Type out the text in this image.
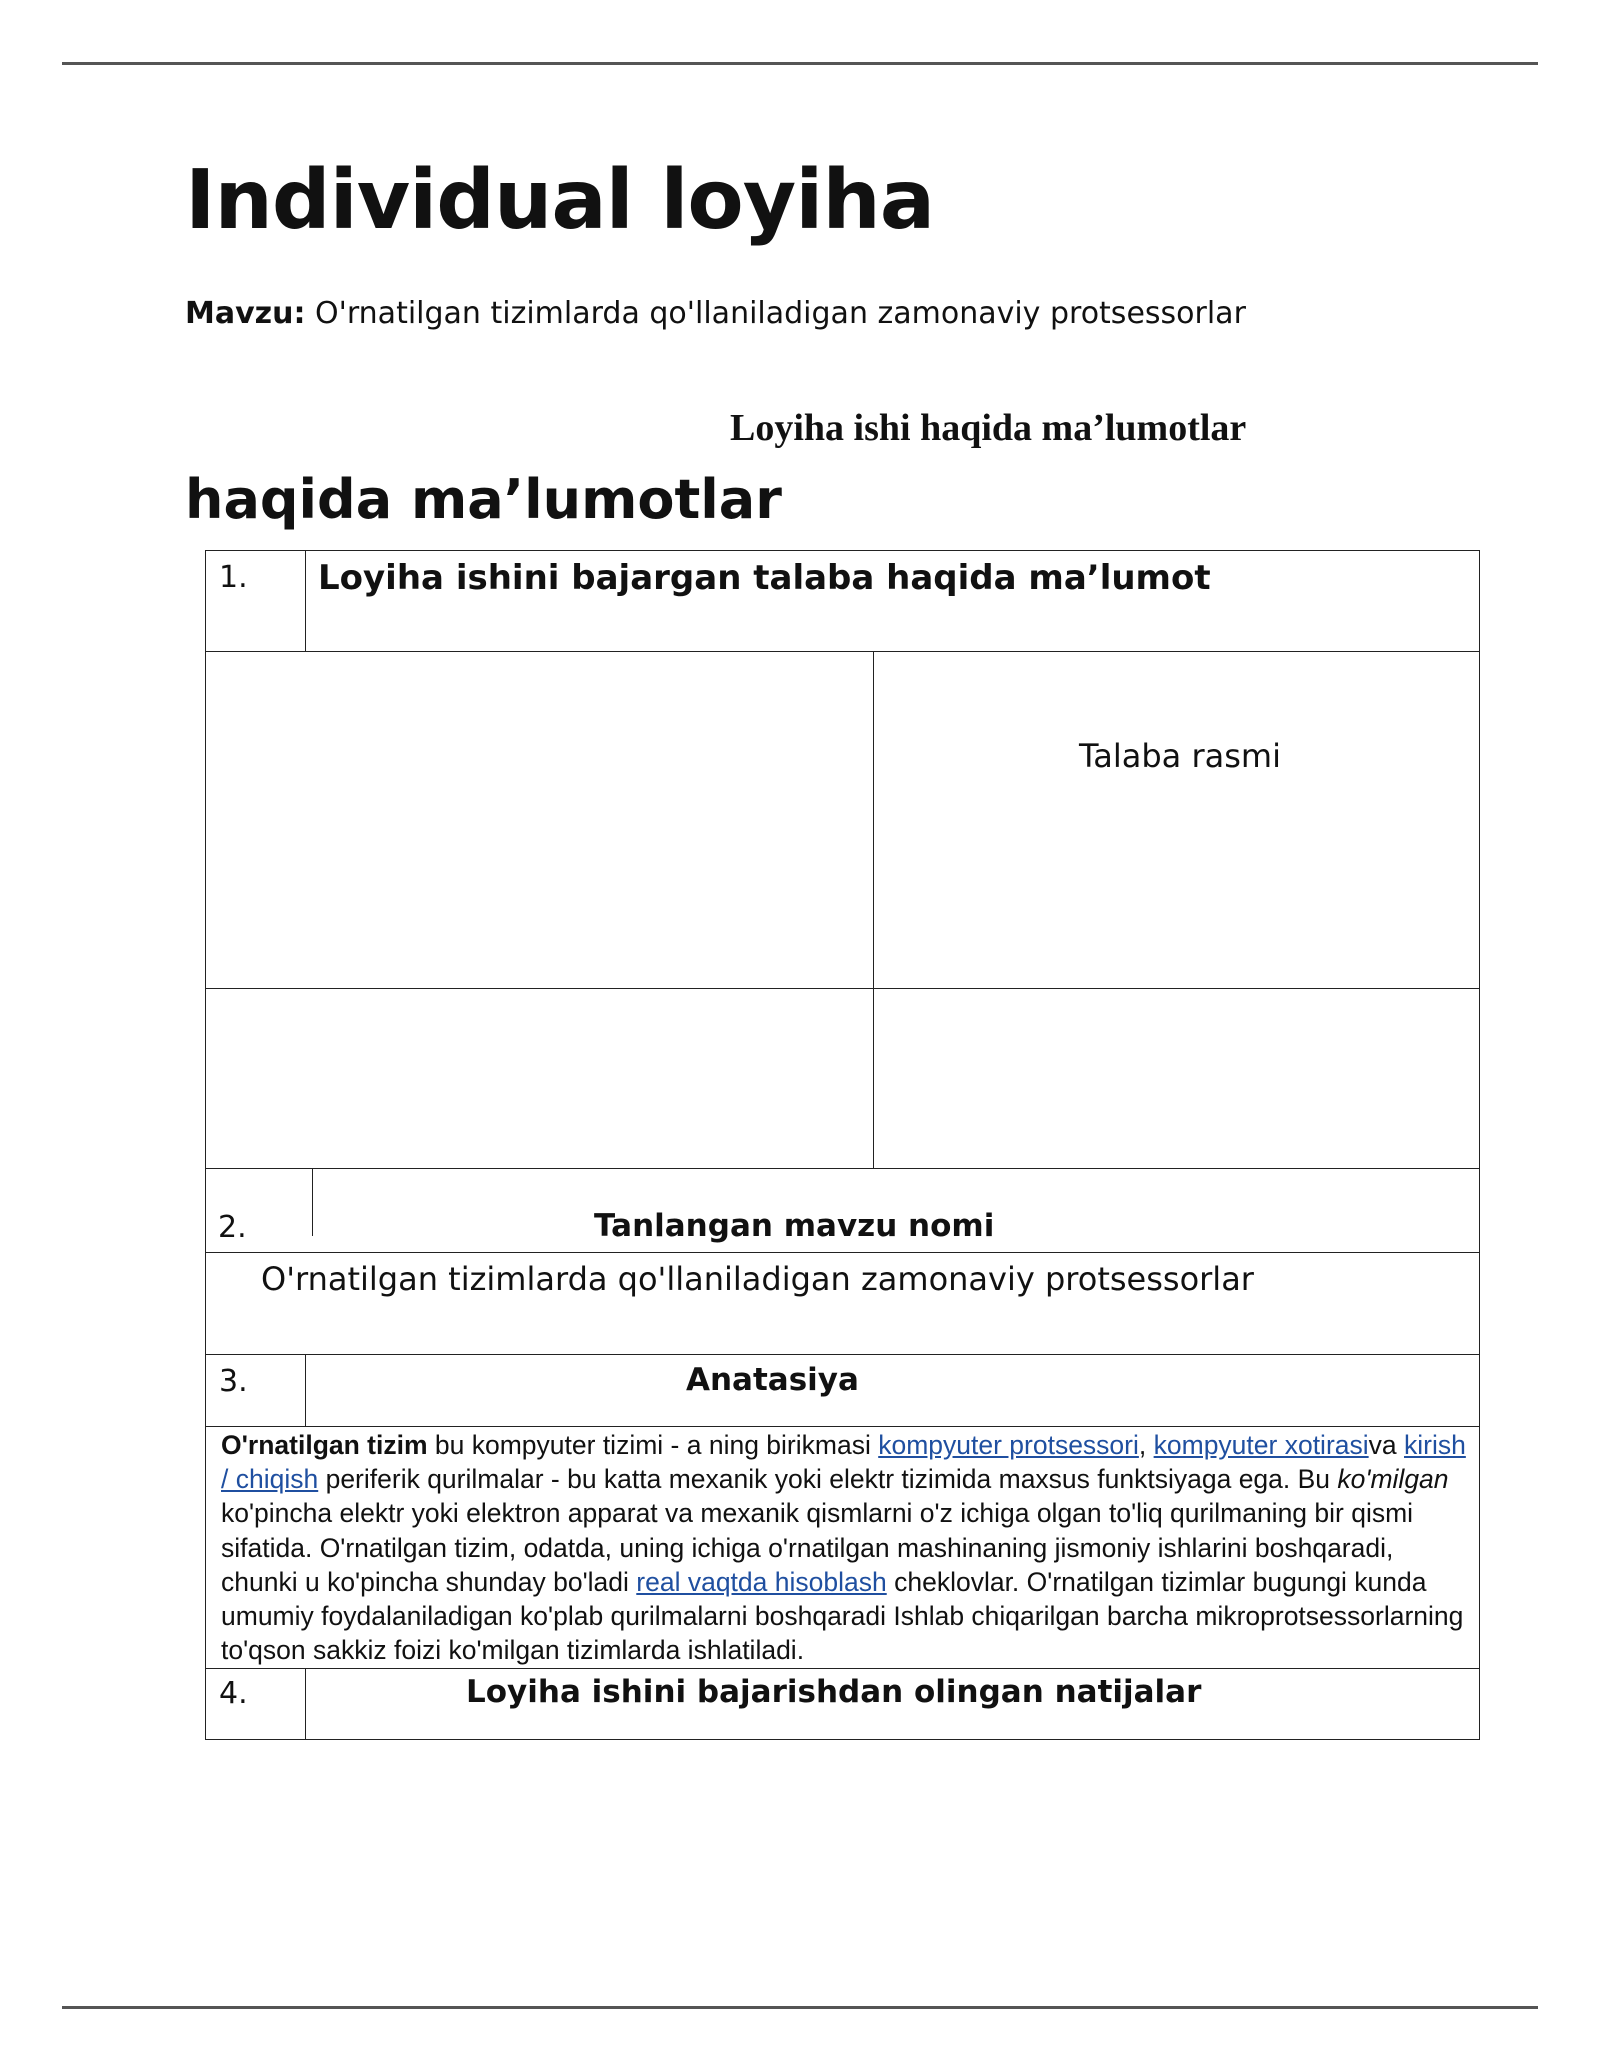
Individual loyiha
Mavzu: O'rnatilgan tizimlarda qo'llaniladigan zamonaviy protsessorlar
Loyiha ishi haqida ma’lumotlar
haqida ma’lumotlar
1. Loyiha ishini bajargan talaba haqida ma’lumot
Talaba rasmi
2.	Tanlangan mavzu nomi
O'rnatilgan tizimlarda qo'llaniladigan zamonaviy protsessorlar
3.	Anatasiya
O'rnatilgan tizim bu kompyuter tizimi - a ning birikmasi kompyuter protsessori, kompyuter xotirasiva kirish / chiqish periferik qurilmalar - bu katta mexanik yoki elektr tizimida maxsus funktsiyaga ega. Bu ko'milgan ko'pincha elektr yoki elektron apparat va mexanik qismlarni o'z ichiga olgan to'liq qurilmaning bir qismi sifatida. O'rnatilgan tizim, odatda, uning ichiga o'rnatilgan mashinaning jismoniy ishlarini boshqaradi, chunki u ko'pincha shunday bo'ladi real vaqtda hisoblash cheklovlar. O'rnatilgan tizimlar bugungi kunda umumiy foydalaniladigan ko'plab qurilmalarni boshqaradi Ishlab chiqarilgan barcha mikroprotsessorlarning to'qson sakkiz foizi ko'milgan tizimlarda ishlatiladi.
4.	Loyiha ishini bajarishdan olingan natijalar
